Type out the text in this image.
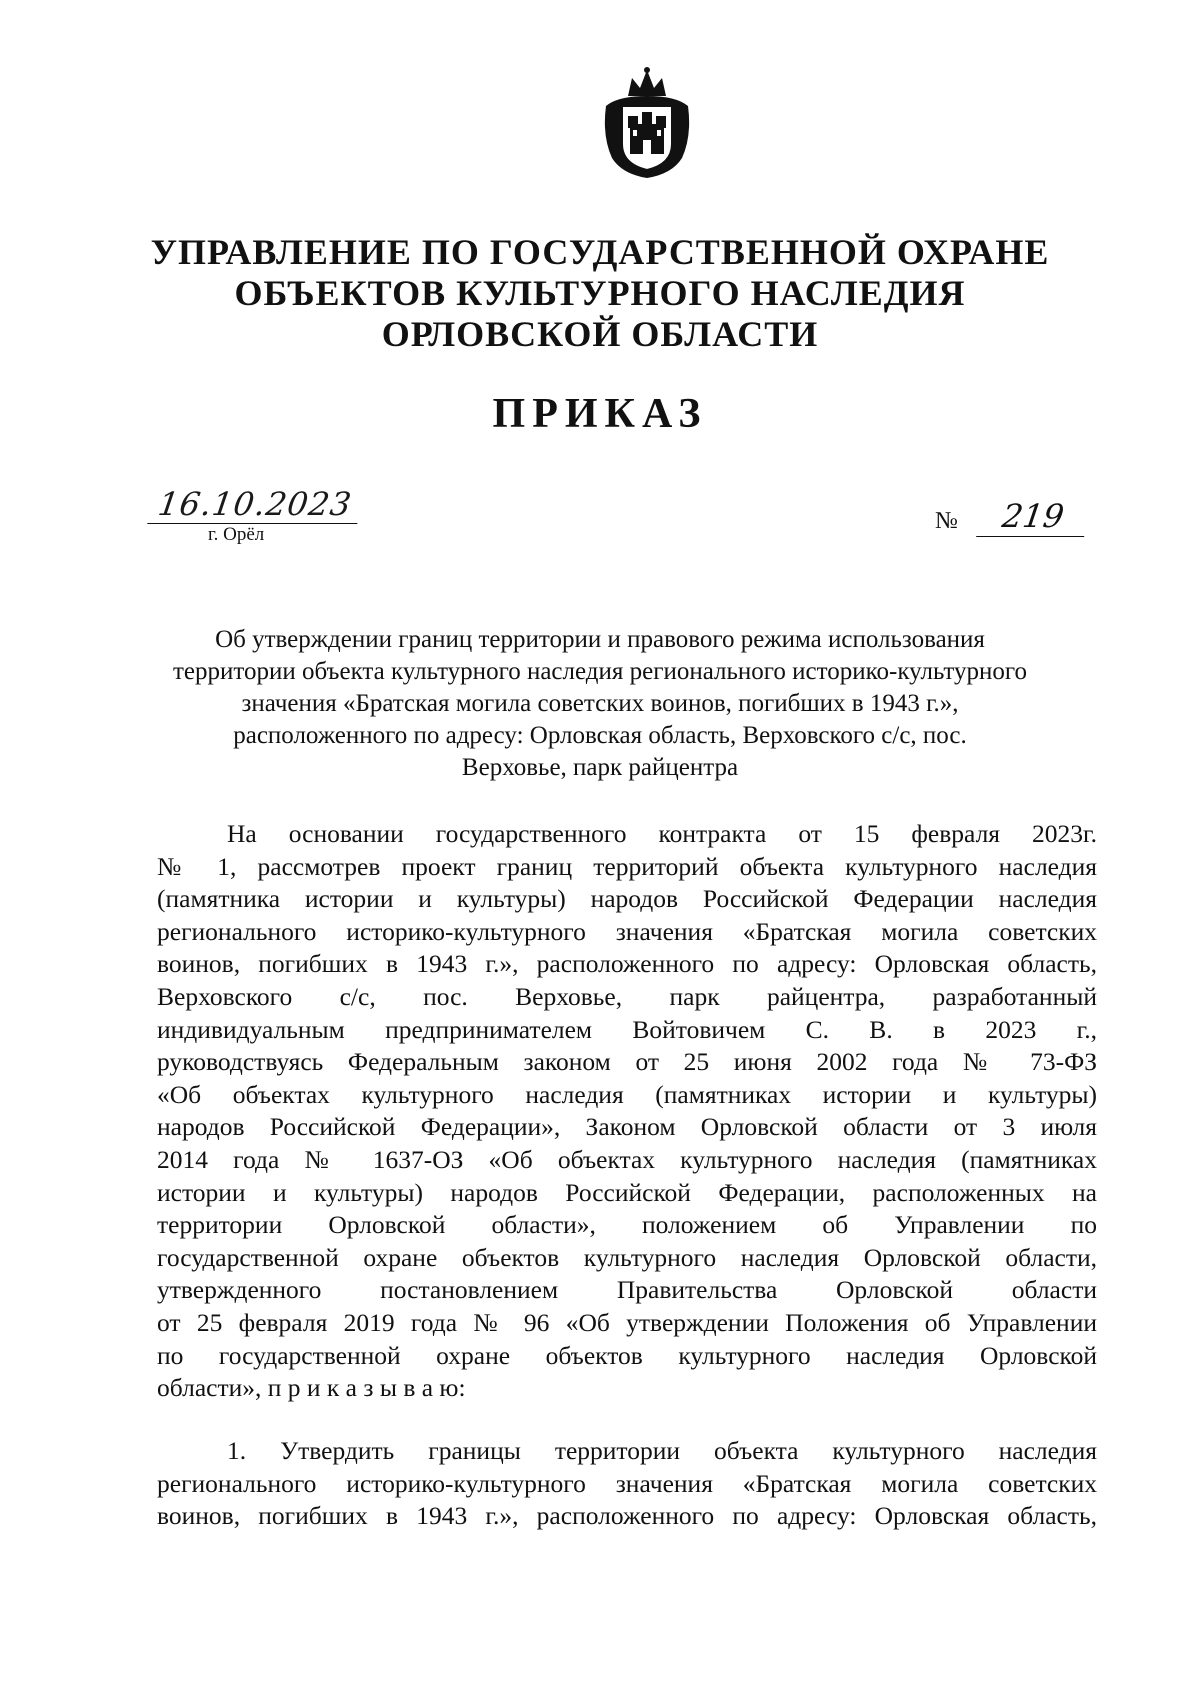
УПРАВЛЕНИЕ ПО ГОСУДАРСТВЕННОЙ ОХРАНЕ
ОБЪЕКТОВ КУЛЬТУРНОГО НАСЛЕДИЯ
ОРЛОВСКОЙ ОБЛАСТИ
ПРИКАЗ
16.10.2023
г. Орёл
№	219
Об утверждении границ территории и правового режима использования
территории объекта культурного наследия регионального историко-культурного
значения «Братская могила советских воинов, погибших в 1943 г.»,
расположенного по адресу: Орловская область, Верховского с/с, пос.
Верховье, парк райцентра
На основании государственного контракта от 15 февраля 2023г.
№ 1, рассмотрев проект границ территорий объекта культурного наследия
(памятника истории и культуры) народов Российской Федерации наследия
регионального историко-культурного значения «Братская могила советских
воинов, погибших в 1943 г.», расположенного по адресу: Орловская область,
Верховского с/с, пос. Верховье, парк райцентра, разработанный
индивидуальным предпринимателем Войтовичем С. В. в 2023 г.,
руководствуясь Федеральным законом от 25 июня 2002 года № 73-ФЗ
«Об объектах культурного наследия (памятниках истории и культуры)
народов Российской Федерации», Законом Орловской области от 3 июля
2014 года № 1637-ОЗ «Об объектах культурного наследия (памятниках
истории и культуры) народов Российской Федерации, расположенных на
территории Орловской области», положением об Управлении по
государственной охране объектов культурного наследия Орловской области,
утвержденного постановлением Правительства Орловской области
от 25 февраля 2019 года № 96 «Об утверждении Положения об Управлении
по государственной охране объектов культурного наследия Орловской
области», п р и к а з ы в а ю:
1. Утвердить границы территории объекта культурного наследия
регионального историко-культурного значения «Братская могила советских
воинов, погибших в 1943 г.», расположенного по адресу: Орловская область,
